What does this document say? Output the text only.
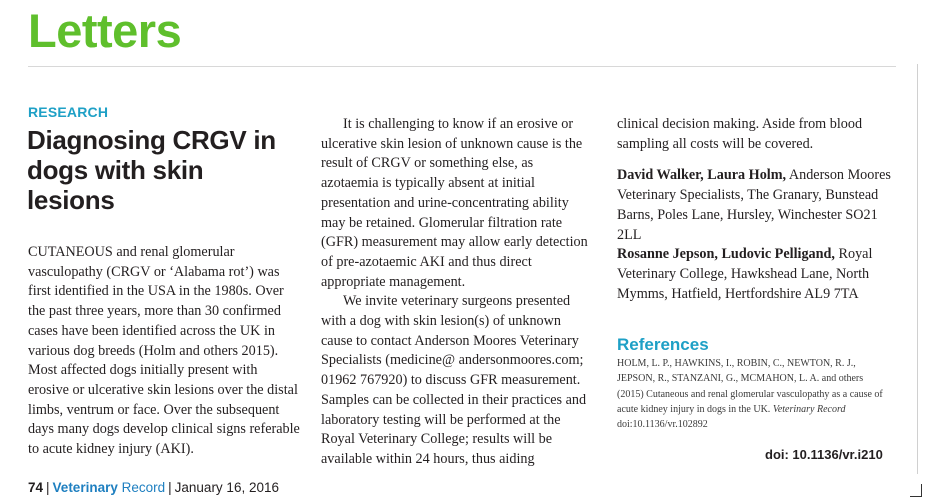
Letters
RESEARCH
Diagnosing CRGV in dogs with skin lesions

CUTANEOUS and renal glomerular vasculopathy (CRGV or ‘Alabama rot’) was first identified in the USA in the 1980s. Over the past three years, more than 30 confirmed cases have been identified across the UK in various dog breeds (Holm and others 2015). Most affected dogs initially present with erosive or ulcerative skin lesions over the distal limbs, ventrum or face. Over the subsequent days many dogs develop clinical signs referable to acute kidney injury (AKI).

It is challenging to know if an erosive or ulcerative skin lesion of unknown cause is the result of CRGV or something else, as azotaemia is typically absent at initial presentation and urine-concentrating ability may be retained. Glomerular filtration rate (GFR) measurement may allow early detection of pre-azotaemic AKI and thus direct appropriate management.

We invite veterinary surgeons presented with a dog with skin lesion(s) of unknown cause to contact Anderson Moores Veterinary Specialists (medicine@ andersonmoores.com; 01962 767920) to discuss GFR measurement. Samples can be collected in their practices and laboratory testing will be performed at the Royal Veterinary College; results will be available within 24 hours, thus aiding

clinical decision making. Aside from blood sampling all costs will be covered.

David Walker, Laura Holm, Anderson Moores Veterinary Specialists, The Granary, Bunstead Barns, Poles Lane, Hursley, Winchester SO21 2LL

Rosanne Jepson, Ludovic Pelligand, Royal Veterinary College, Hawkshead Lane, North Mymms, Hatfield, Hertfordshire AL9 7TA

References
HOLM, L. P., HAWKINS, I., ROBIN, C., NEWTON, R. J., JEPSON, R., STANZANI, G., MCMAHON, L. A. and others (2015) Cutaneous and renal glomerular vasculopathy as a cause of acute kidney injury in dogs in the UK. Veterinary Record doi:10.1136/vr.102892
doi: 10.1136/vr.i210
74 | Veterinary Record | January 16, 2016
